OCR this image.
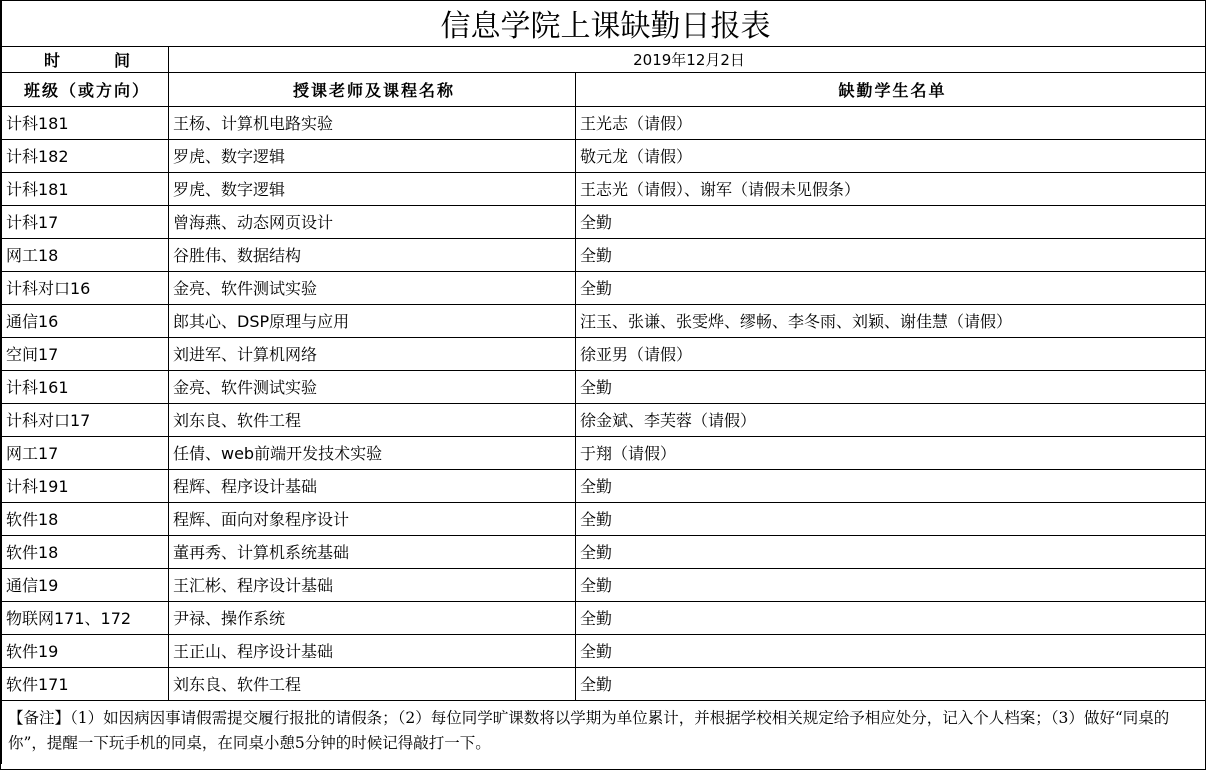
信息学院上课缺勤日报表		
时 间	2019年12月2日	
班级（或方向）	授课老师及课程名称	缺勤学生名单
计科181	王杨、计算机电路实验	王光志（请假）
计科182	罗虎、数字逻辑	敬元龙（请假）
计科181	罗虎、数字逻辑	王志光（请假）、谢军（请假未见假条）
计科17	曾海燕、动态网页设计	全勤
网工18	谷胜伟、数据结构	全勤
计科对口16	金亮、软件测试实验	全勤
通信16	郎其心、DSP原理与应用	汪玉、张谦、张雯烨、缪畅、李冬雨、刘颖、谢佳慧（请假）
空间17	刘进军、计算机网络	徐亚男（请假）
计科161	金亮、软件测试实验	全勤
计科对口17	刘东良、软件工程	徐金斌、李芙蓉（请假）
网工17	任倩、web前端开发技术实验	于翔（请假）
计科191	程辉、程序设计基础	全勤
软件18	程辉、面向对象程序设计	全勤
软件18	董再秀、计算机系统基础	全勤
通信19	王汇彬、程序设计基础	全勤
物联网171、172	尹禄、操作系统	全勤
软件19	王正山、程序设计基础	全勤
软件171	刘东良、软件工程	全勤
【备注】（1）如因病因事请假需提交履行报批的请假条；（2）每位同学旷课数将以学期为单位累计，并根据学校相关规定给予相应处分，记入个人档案；（3）做好“同桌的你”，提醒一下玩手机的同桌，在同桌小憩5分钟的时候记得敲打一下。		
